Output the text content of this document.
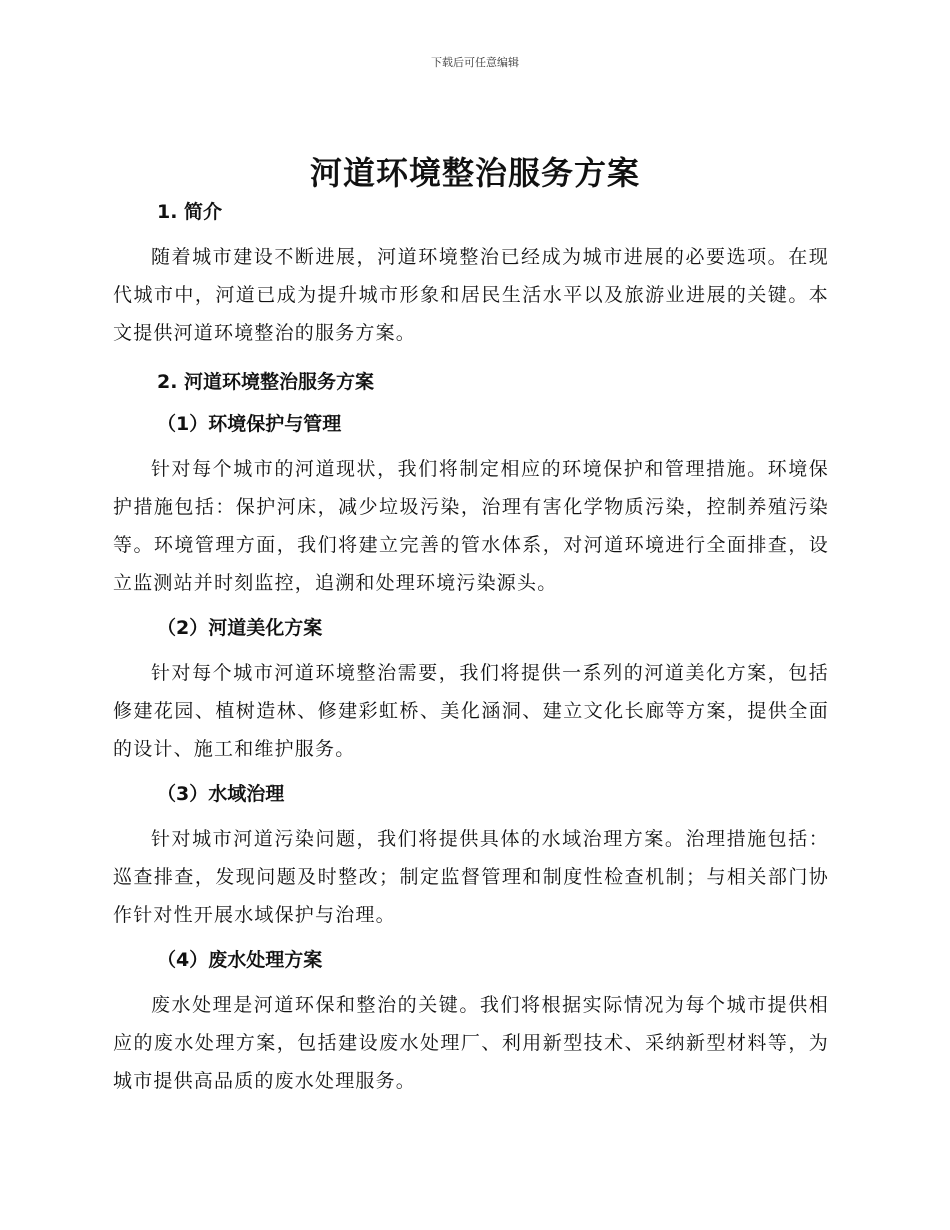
下载后可任意编辑
河道环境整治服务方案
1. 简介

随着城市建设不断进展，河道环境整治已经成为城市进展的必要选项。在现代城市中，河道已成为提升城市形象和居民生活水平以及旅游业进展的关键。本文提供河道环境整治的服务方案。

2. 河道环境整治服务方案
（1）环境保护与管理

针对每个城市的河道现状，我们将制定相应的环境保护和管理措施。环境保护措施包括：保护河床，减少垃圾污染，治理有害化学物质污染，控制养殖污染等。环境管理方面，我们将建立完善的管水体系，对河道环境进行全面排查，设立监测站并时刻监控，追溯和处理环境污染源头。

（2）河道美化方案

针对每个城市河道环境整治需要，我们将提供一系列的河道美化方案，包括修建花园、植树造林、修建彩虹桥、美化涵洞、建立文化长廊等方案，提供全面的设计、施工和维护服务。

（3）水域治理

针对城市河道污染问题，我们将提供具体的水域治理方案。治理措施包括：巡查排查，发现问题及时整改；制定监督管理和制度性检查机制；与相关部门协作针对性开展水域保护与治理。

（4）废水处理方案

废水处理是河道环保和整治的关键。我们将根据实际情况为每个城市提供相应的废水处理方案，包括建设废水处理厂、利用新型技术、采纳新型材料等，为城市提供高品质的废水处理服务。
